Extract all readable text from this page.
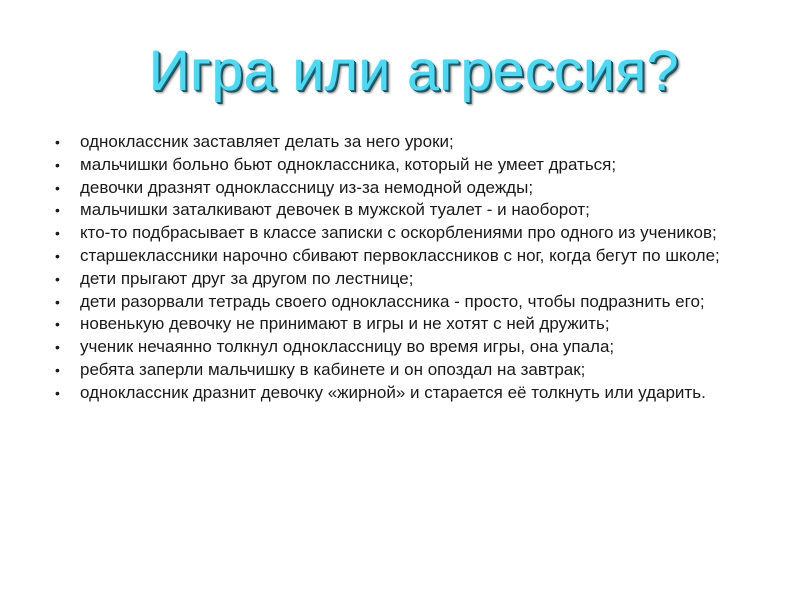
Игра или агрессия?
• одноклассник заставляет делать за него уроки;
• мальчишки больно бьют одноклассника, который не умеет драться;
• девочки дразнят одноклассницу из-за немодной одежды;
• мальчишки заталкивают девочек в мужской туалет - и наоборот;
• кто-то подбрасывает в классе записки с оскорблениями про одного из учеников;
• старшеклассники нарочно сбивают первоклассников с ног, когда бегут по школе;
• дети прыгают друг за другом по лестнице;
• дети разорвали тетрадь своего одноклассника - просто, чтобы подразнить его;
• новенькую девочку не принимают в игры и не хотят с ней дружить;
• ученик нечаянно толкнул одноклассницу во время игры, она упала;
• ребята заперли мальчишку в кабинете и он опоздал на завтрак;
• одноклассник дразнит девочку «жирной» и старается её толкнуть или ударить.
